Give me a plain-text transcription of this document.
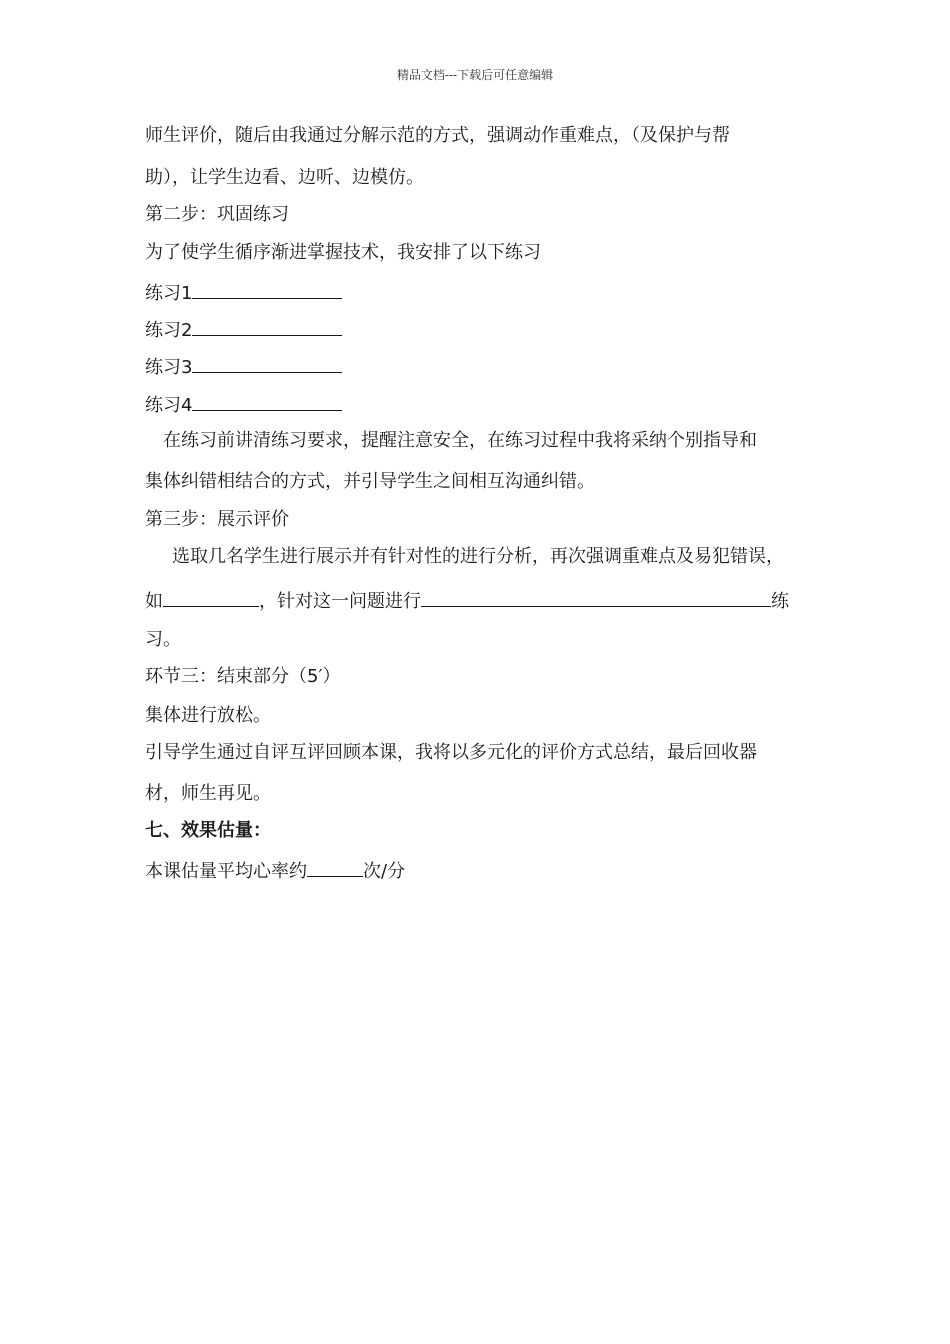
精品文档---下载后可任意编辑
师生评价，随后由我通过分解示范的方式，强调动作重难点，（及保护与帮
助），让学生边看、边听、边模仿。
第二步：巩固练习
为了使学生循序渐进掌握技术，我安排了以下练习
练习1
练习2
练习3
练习4
在练习前讲清练习要求，提醒注意安全，在练习过程中我将采纳个别指导和
集体纠错相结合的方式，并引导学生之间相互沟通纠错。
第三步：展示评价
选取几名学生进行展示并有针对性的进行分析，再次强调重难点及易犯错误，
如	，针对这一问题进行	练
习。
环节三：结束部分（5′）
集体进行放松。
引导学生通过自评互评回顾本课，我将以多元化的评价方式总结，最后回收器
材，师生再见。
七、效果估量：
本课估量平均心率约	次/分
